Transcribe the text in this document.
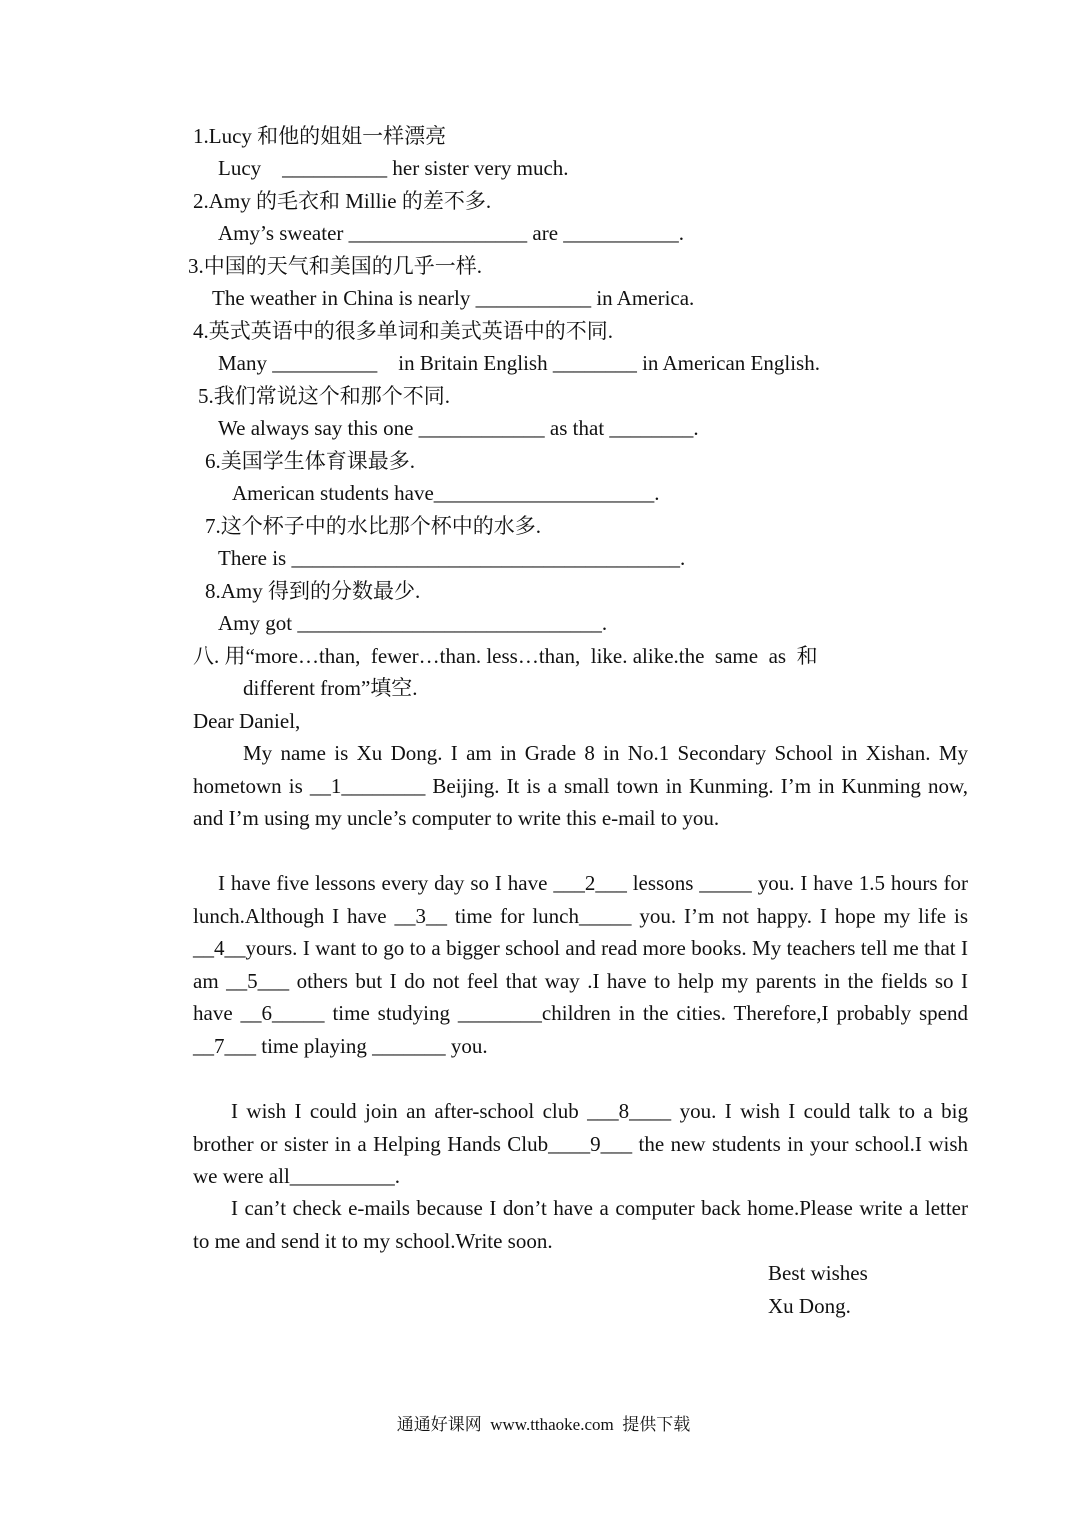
1.Lucy 和他的姐姐一样漂亮
Lucy    __________ her sister very much.
2.Amy 的毛衣和 Millie 的差不多.
Amy’s sweater _________________ are ___________.
3.中国的天气和美国的几乎一样.
The weather in China is nearly ___________ in America.
4.英式英语中的很多单词和美式英语中的不同.
Many __________    in Britain English ________ in American English.
5.我们常说这个和那个不同.
We always say this one ____________ as that ________.
6.美国学生体育课最多.
American students have_____________________.
7.这个杯子中的水比那个杯中的水多.
There is _____________________________________.
8.Amy 得到的分数最少.
Amy got _____________________________.
八. 用“more…than,  fewer…than. less…than,  like. alike.the  same  as  和
different from”填空.
Dear Daniel,
My name is Xu Dong. I am in Grade 8 in No.1 Secondary School in Xishan. My hometown is __1________ Beijing. It is a small town in Kunming. I’m in Kunming now, and I’m using my uncle’s computer to write this e-mail to you.
I have five lessons every day so I have ___2___ lessons _____ you. I have 1.5 hours for lunch.Although I have __3__ time for lunch_____ you. I’m not happy. I hope my life is __4__yours. I want to go to a bigger school and read more books. My teachers tell me that I am __5___ others but I do not feel that way .I have to help my parents in the fields so I have __6_____ time studying ________children in the cities. Therefore,I probably spend __7___ time playing _______ you.
I wish I could join an after-school club ___8____ you. I wish I could talk to a big brother or sister in a Helping Hands Club____9___ the new students in your school.I wish we were all__________.
I can’t check e-mails because I don’t have a computer back home.Please write a letter to me and send it to my school.Write soon.
Best wishes
Xu Dong.
通通好课网  www.tthaoke.com  提供下载
